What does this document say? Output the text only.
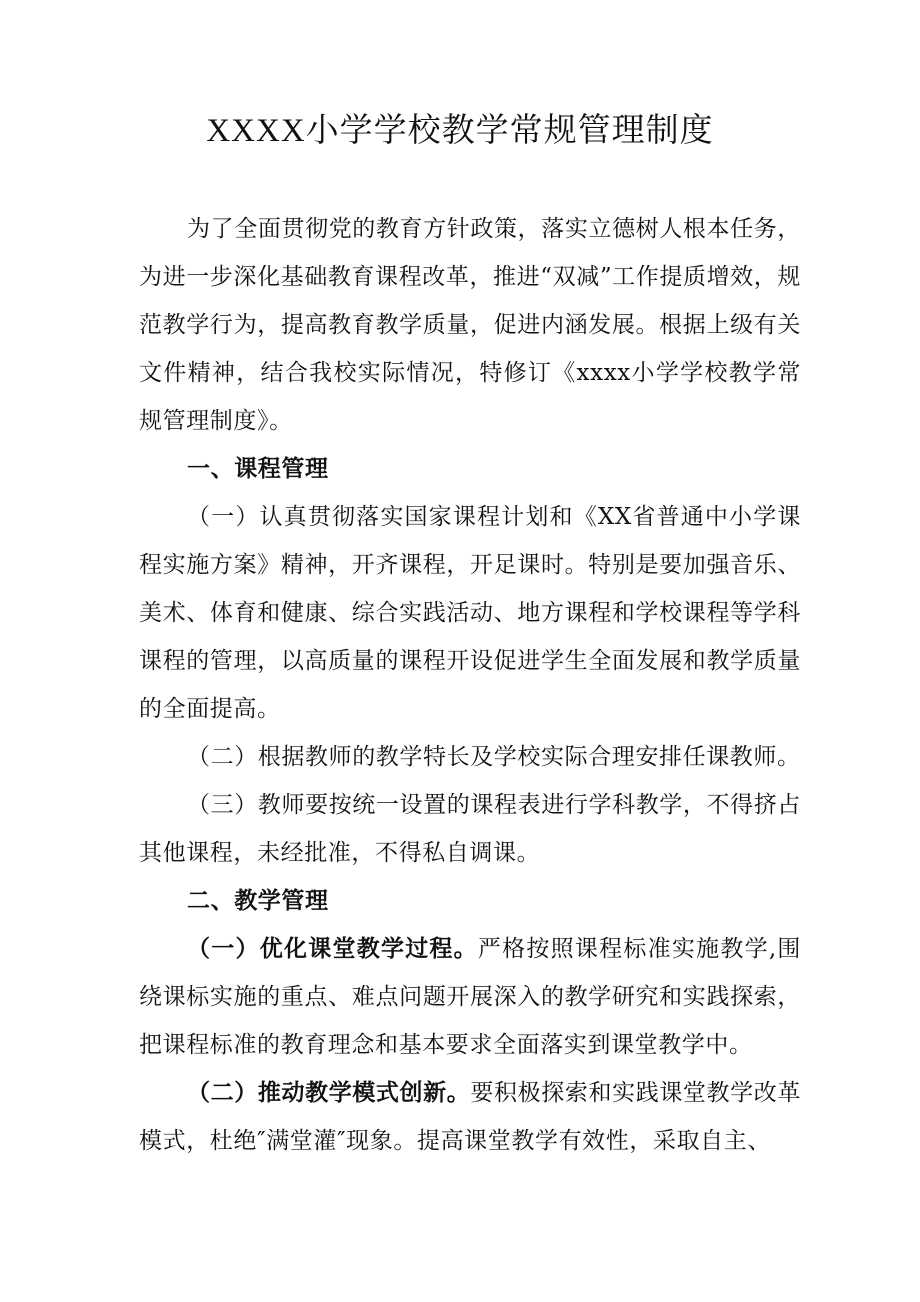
XXXX小学学校教学常规管理制度

为了全面贯彻党的教育方针政策，落实立德树人根本任务，为进一步深化基础教育课程改革，推进“双减”工作提质增效，规范教学行为，提高教育教学质量，促进内涵发展。根据上级有关文件精神，结合我校实际情况，特修订《xxxx小学学校教学常规管理制度》。

一、课程管理

（一）认真贯彻落实国家课程计划和《XX省普通中小学课程实施方案》精神，开齐课程，开足课时。特别是要加强音乐、美术、体育和健康、综合实践活动、地方课程和学校课程等学科课程的管理，以高质量的课程开设促进学生全面发展和教学质量的全面提高。

（二）根据教师的教学特长及学校实际合理安排任课教师。

（三）教师要按统一设置的课程表进行学科教学，不得挤占其他课程，未经批准，不得私自调课。

二、教学管理

（一）优化课堂教学过程。严格按照课程标准实施教学,围绕课标实施的重点、难点问题开展深入的教学研究和实践探索，把课程标准的教育理念和基本要求全面落实到课堂教学中。

（二）推动教学模式创新。要积极探索和实践课堂教学改革模式，杜绝″满堂灌″现象。提高课堂教学有效性，采取自主、
